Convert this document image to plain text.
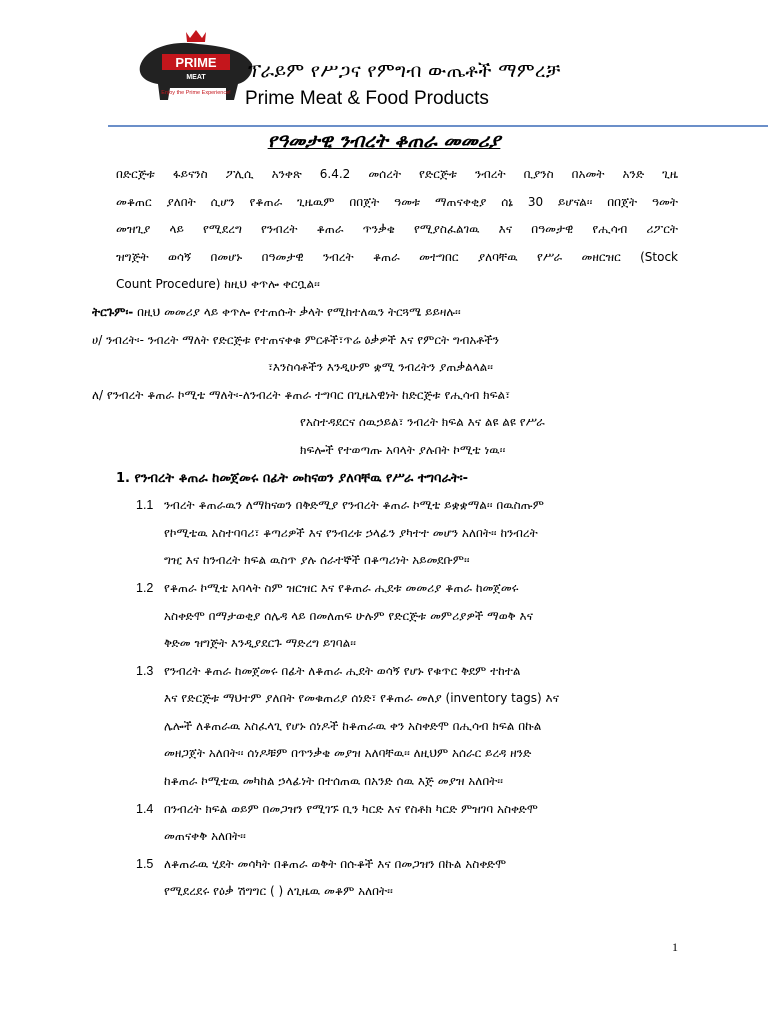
PRIME
MEAT
Enjoy the Prime Experience!
ፕራይም የሥጋና የምግብ ውጤቶች ማምረቻ
Prime Meat & Food Products
የዓመታዊ ንብረት ቆጠራ መመሪያ
በድርጅቱ ፋይናንስ ፖሊሲ አንቀጽ 6.4.2 መሰረት የድርጅቱ ንብረት ቢያንስ በአመት አንድ ጊዜ
መቆጠር ያለበት ሲሆን የቆጠራ ጊዜዉም በበጀት ዓመቱ ማጠናቀቂያ ሰኔ 30 ይሆናል፡፡ በበጀት ዓመት
መዝጊያ ላይ የሚደረግ የንብረት ቆጠራ ጥንቃቄ የሚያስፈልገዉ እና በዓመታዊ የሒሳብ ሪፖርት
ዝግጅት ወሳኝ በመሆኑ በዓመታዊ ንብረት ቆጠራ መተግበር ያለባቸዉ የሥራ መዘርዝር (Stock
Count Procedure) ከዚህ ቀጥሎ ቀርቧል፡፡
ትርጉም፡- በዚህ መመሪያ ላይ ቀጥሎ የተጠሱት ቃላት የሚከተለዉን ትርጓሜ ይይዛሉ፡፡
ሀ/ ንብረት፡- ንብረት ማለት የድርጅቱ የተጠናቀቁ ምርቶች፣ጥሬ ዕቃዎች እና የምርት ግብአቶችን
፣እንስሳቶችን እንዲሁም ቋሚ ንብረትን ያጠቃልላል፡፡
ለ/ የንብረት ቆጠራ ኮሚቴ ማለት፡-ለንብረት ቆጠራ ተግባር በጊዜአዊነት ከድርጅቱ የሒሳብ ክፍል፣
የአስተዳደርና ሰዉኃይል፣ ንብረት ክፍል እና ልዩ ልዩ የሥራ
ክፍሎች የተወጣጡ አባላት ያሉበት ኮሚቴ ነዉ፡፡
1. የንብረት ቆጠራ ከመጀመሩ በፊት መከናወን ያለባቸዉ የሥራ ተግባራት፡-
1.1 ንብረት ቆጠራዉን ለማከናወን በቅድሚያ የንብረት ቆጠራ ኮሚቴ ይቋቋማል፡፡ በዉስጡም
የኮሚቴዉ አስተባባሪ፣ ቆጣሪዎች እና የንብረቱ ኃላፊን ያካተተ መሆን አለበት፡፡ ከንብረት
ግዢ እና ከንብረት ክፍል ዉስጥ ያሉ ሰራተኞች በቆጣሪነት አይመደቡም፡፡
1.2 የቆጠራ ኮሚቴ አባላት ስም ዝርዝር እና የቆጠራ ሒደቱ መመሪያ ቆጠራ ከመጀመሩ
አስቀድሞ በማታወቂያ ሰሌዳ ላይ በመለጠፍ ሁሉም የድርጅቱ መምሪያዎች ማወቅ እና
ቅድመ ዝግጅት እንዲያደርጉ ማድረግ ይገባል፡፡
1.3 የንብረት ቆጠራ ከመጀመሩ በፊት ለቆጠራ ሒደት ወሳኝ የሆኑ የቁጥር ቅደም ተከተል
እና የድርጅቱ ማህተም ያለበት የመቁጠሪያ ሰነድ፣ የቆጠራ መለያ (inventory tags) እና
ሌሎች ለቆጠራዉ አስፈላጊ የሆኑ ሰነዶች ከቆጠራዉ ቀን አስቀድሞ በሒሳብ ክፍል በኩል
መዘጋጀት አለበት፡፡ ሰነዶቹም በጥንቃቄ መያዝ አለባቸዉ፡፡ ለዚህም አሰራር ይረዳ ዘንድ
ከቆጠራ ኮሚቴዉ መካከል ኃላፊነት በተሰጠዉ በአንድ ሰዉ እጅ መያዝ አለበት፡፡
1.4 በንብረት ክፍል ወይም በመጋዝን የሚገኙ ቢን ካርድ እና የስቶክ ካርድ ምዝገባ አስቀድሞ
መጠናቀቅ አለበት፡፡
1.5 ለቆጠራዉ ሂደት መሳካት በቆጠራ ወቅት በሱቆች እና በመጋዝን በኩል አስቀድሞ
የሚደረደሩ የዕቃ ሽግግር ( ) ለጊዜዉ መቆም አለበት፡፡
1
